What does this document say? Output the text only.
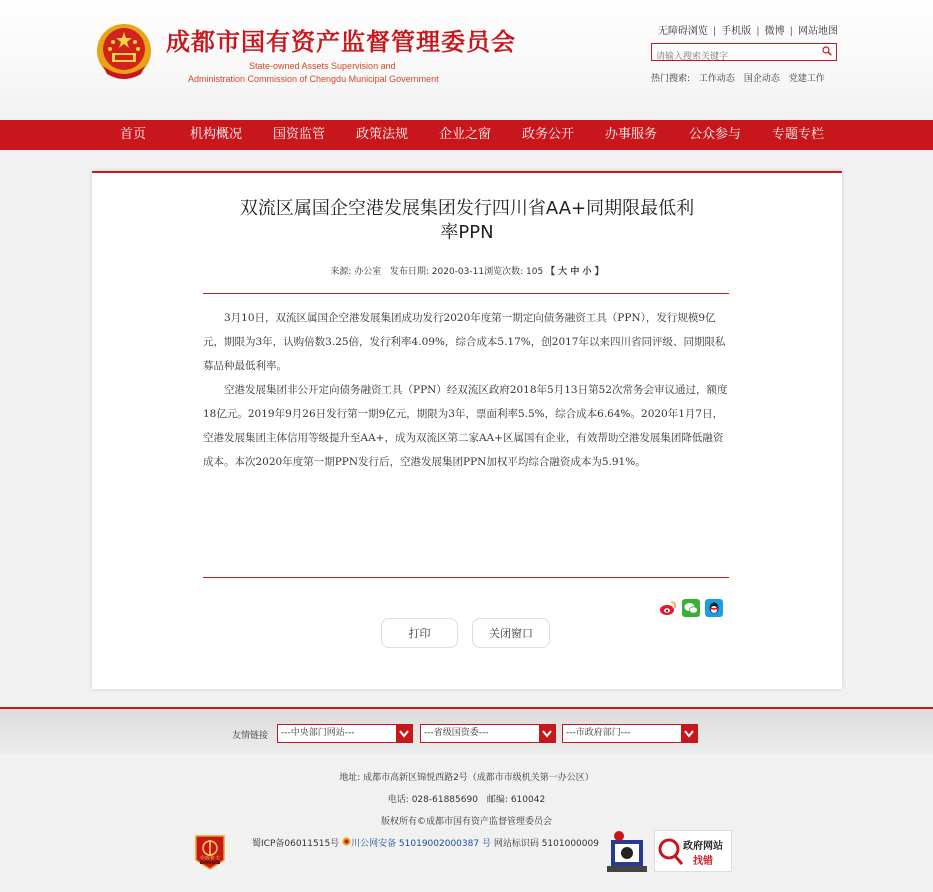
成都市国有资产监督管理委员会
State-owned Assets Supervision and
Administration Commission of Chengdu Municipal Government
无障碍浏览 | 手机版 | 微博 | 网站地图
请输入搜索关键字
热门搜索: 工作动态 国企动态 党建工作
首页	机构概况 国资监管 政策法规 企业之窗 政务公开 办事服务 公众参与 专题专栏
双流区属国企空港发展集团发行四川省AA+同期限最低利
率PPN
来源: 办公室 发布日期: 2020-03-11浏览次数: 105 【 大 中 小 】

3月10日，双流区属国企空港发展集团成功发行2020年度第一期定向债务融资工具（PPN），发行规模9亿元，期限为3年，认购倍数3.25倍，发行利率4.09%，综合成本5.17%，创2017年以来四川省同评级、同期限私募品种最低利率。

空港发展集团非公开定向债务融资工具（PPN）经双流区政府2018年5月13日第52次常务会审议通过，额度18亿元。2019年9月26日发行第一期9亿元，期限为3年，票面利率5.5%，综合成本6.64%。2020年1月7日，空港发展集团主体信用等级提升至AA+，成为双流区第二家AA+区属国有企业，有效帮助空港发展集团降低融资成本。本次2020年度第一期PPN发行后，空港发展集团PPN加权平均综合融资成本为5.91%。

打印	关闭窗口
友情链接	---中央部门网站---	---省级国资委---	---市政府部门---
地址: 成都市高新区锦悦西路2号（成都市市级机关第一办公区）
电话: 028-61885690　邮编: 610042
版权所有©成都市国有资产监督管理委员会
党政机关
蜀ICP备06011515号 川公网安备 51019002000387 号 网站标识码 5101000009	政府网站
找错
